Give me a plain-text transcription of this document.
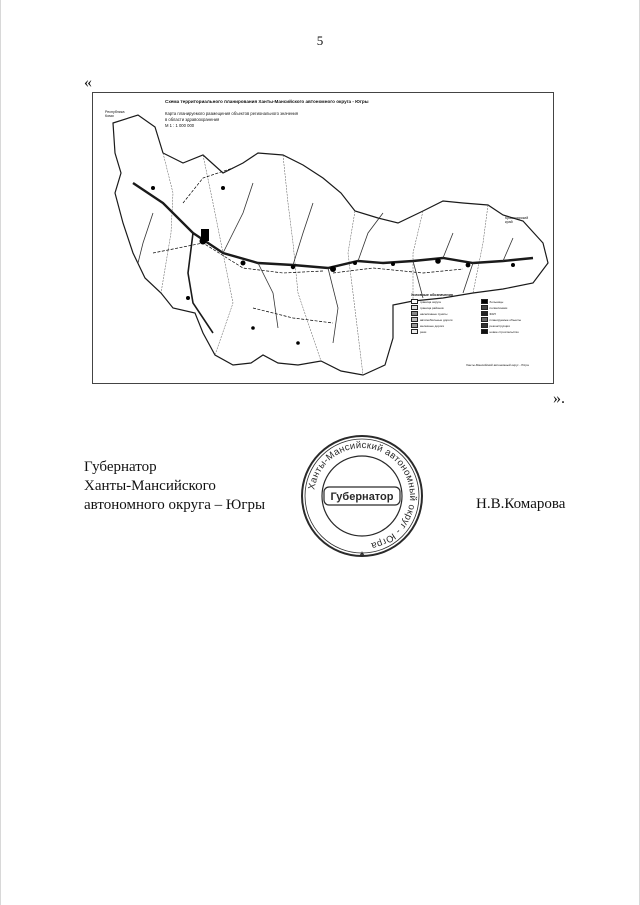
5
«
Схема территориального планирования Ханты-Мансийского автономного округа - Югры
Карта планируемого размещения объектов регионального значения
в области здравоохранения
М 1 : 1 000 000
Республика
Коми
Красноярский
край
Условные обозначения
граница округа	больницы
граница районов	поликлиники
населённые пункты	ФАП
автомобильные дороги	планируемые объекты
железные дороги	реконструкция
реки	новое строительство
Ханты-Мансийский автономный округ - Югра
».
Губернатор
Ханты-Мансийского
автономного округа – Югры
Ханты-Мансийский автономный округ - Югра
Губернатор
✱
Н.В.Комарова
